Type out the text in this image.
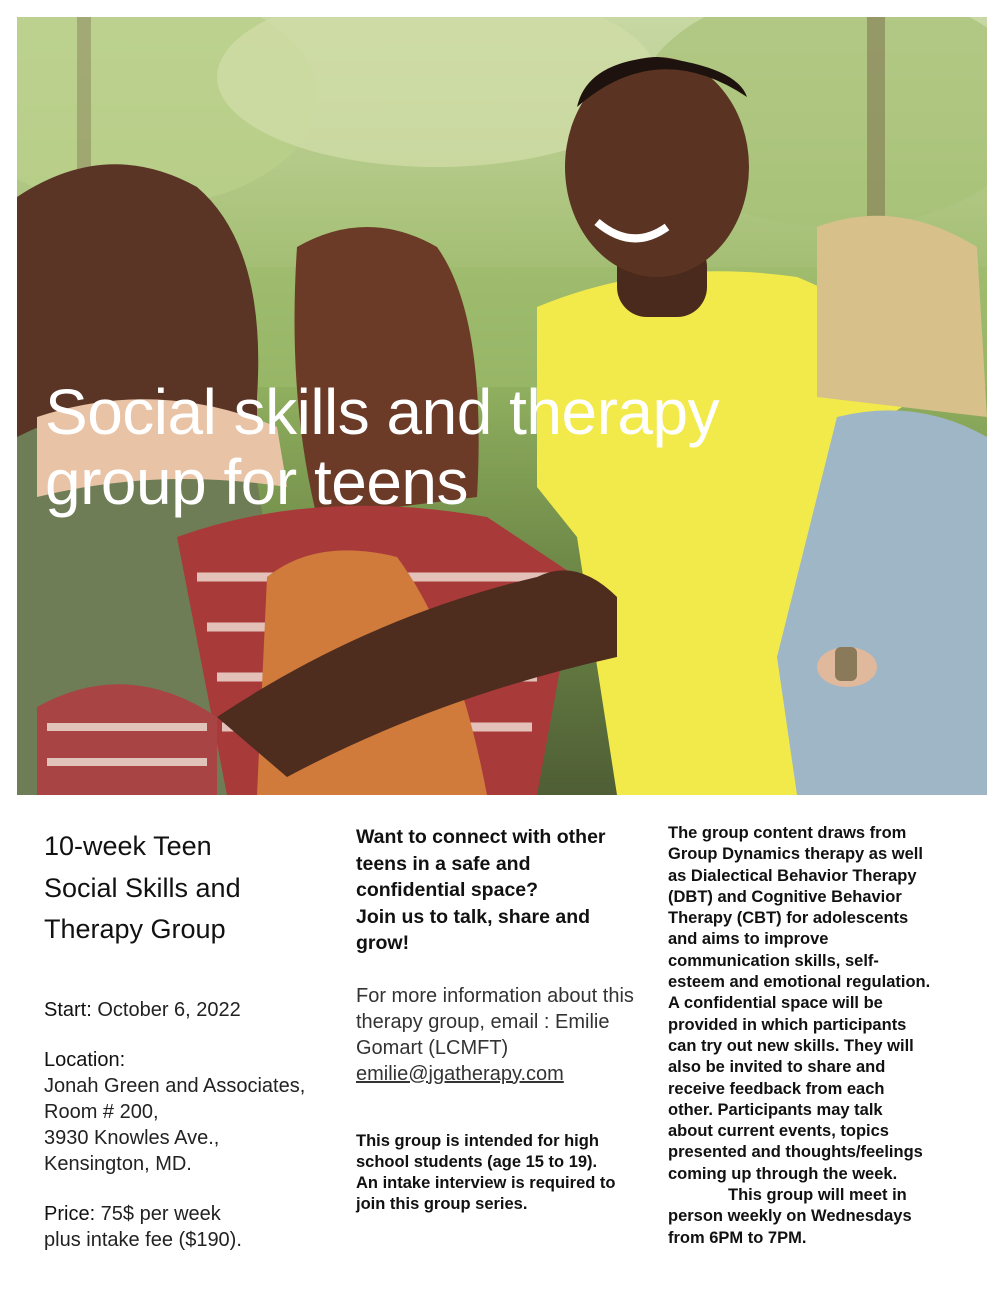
Social skills and therapy
group for teens
10-week Teen
Social Skills and
Therapy Group
Start: October 6, 2022
Location:
Jonah Green and Associates,
Room # 200,
3930 Knowles Ave.,
Kensington, MD.
Price: 75$ per week
plus intake fee ($190).
Want to connect with other
teens in a safe and
confidential space?
Join us to talk, share and
grow!
For more information about this
therapy group, email : Emilie
Gomart (LCMFT)
emilie@jgatherapy.com
This group is intended for high
school students (age 15 to 19).
An intake interview is required to
join this group series.
The group content draws from
Group Dynamics therapy as well
as Dialectical Behavior Therapy
(DBT) and Cognitive Behavior
Therapy (CBT) for adolescents
and aims to improve
communication skills, self-
esteem and emotional regulation.
A confidential space will be
provided in which participants
can try out new skills. They will
also be invited to share and
receive feedback from each
other. Participants may talk
about current events, topics
presented and thoughts/feelings
coming up through the week.
This group will meet in
person weekly on Wednesdays
from 6PM to 7PM.
